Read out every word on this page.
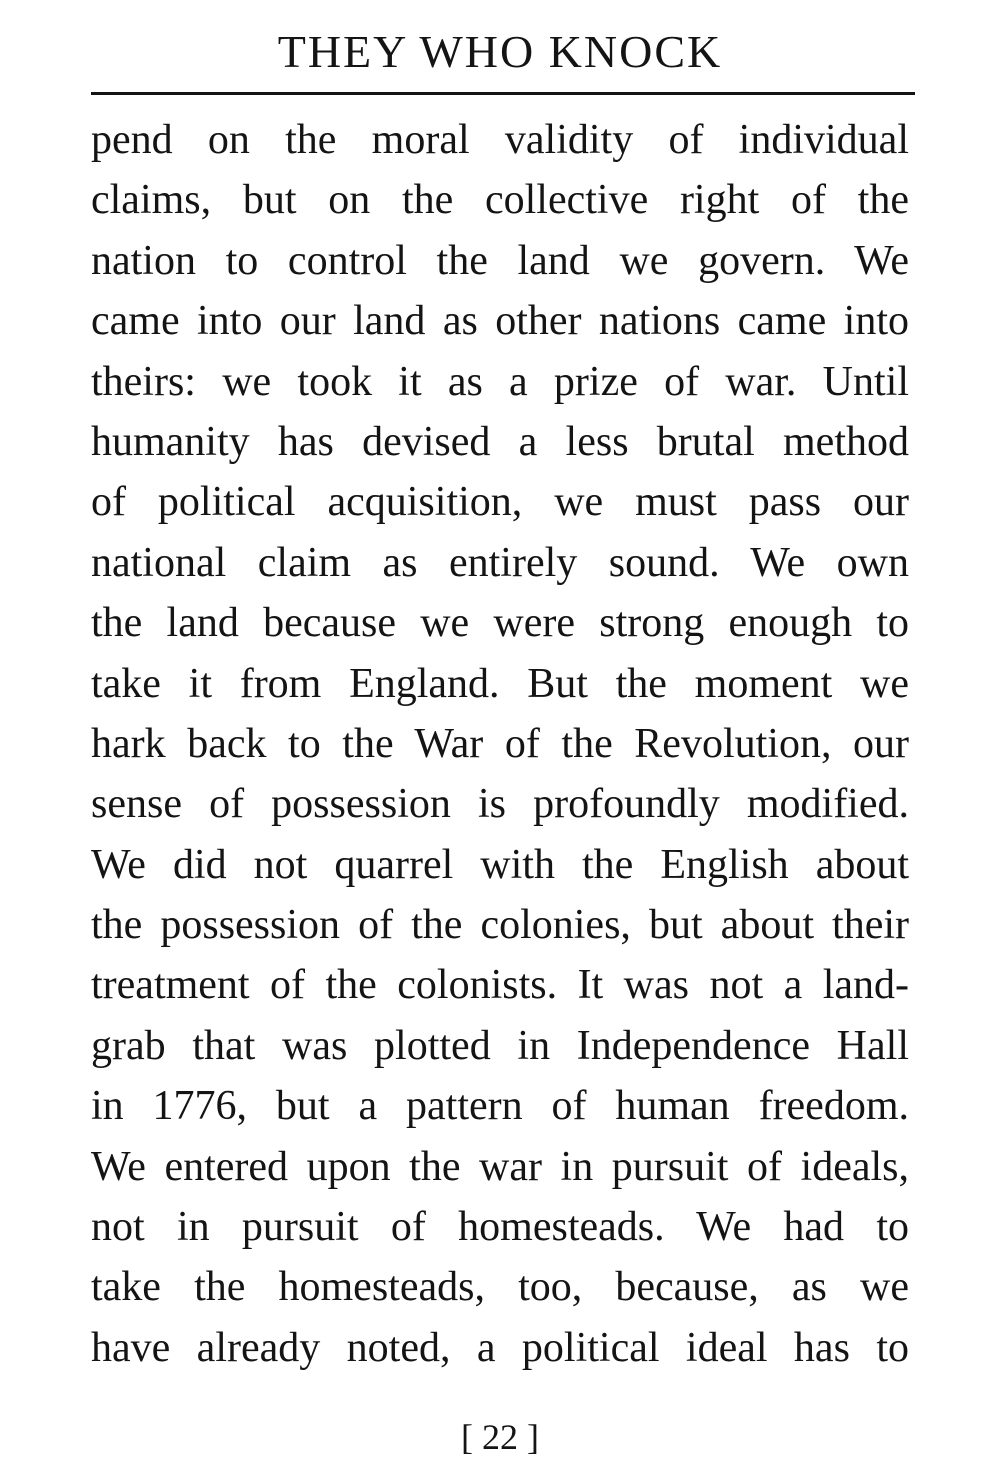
THEY WHO KNOCK
pend on the moral validity of individual
claims, but on the collective right of the
nation to control the land we govern. We
came into our land as other nations came into
theirs: we took it as a prize of war. Until
humanity has devised a less brutal method
of political acquisition, we must pass our
national claim as entirely sound. We own
the land because we were strong enough to
take it from England. But the moment we
hark back to the War of the Revolution, our
sense of possession is profoundly modified.
We did not quarrel with the English about
the possession of the colonies, but about their
treatment of the colonists. It was not a land-
grab that was plotted in Independence Hall
in 1776, but a pattern of human freedom.
We entered upon the war in pursuit of ideals,
not in pursuit of homesteads. We had to
take the homesteads, too, because, as we
have already noted, a political ideal has to
[ 22 ]
